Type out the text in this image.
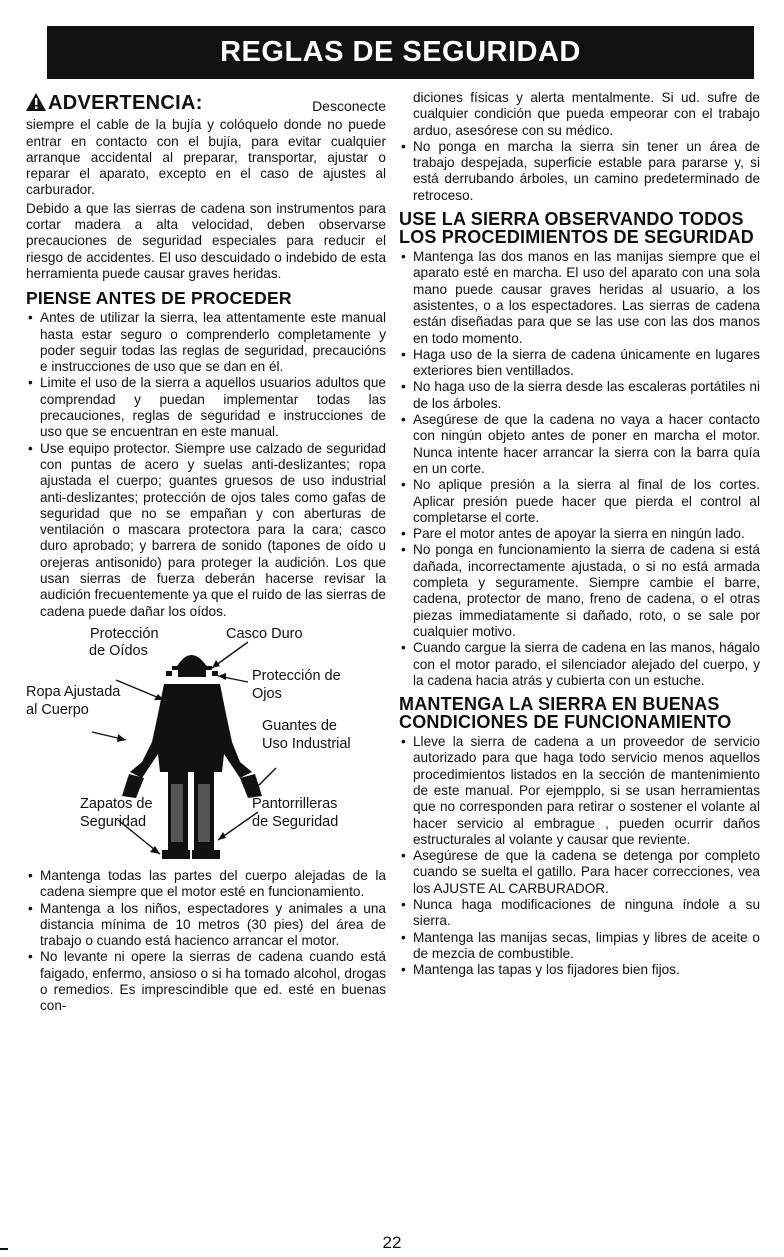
REGLAS DE SEGURIDAD

ADVERTENCIA:	Desconecte

siempre el cable de la bujía y colóquelo donde no puede entrar en contacto con el bujía, para evitar cualquier arranque accidental al preparar, transportar, ajustar o reparar el aparato, excepto en el caso de ajustes al carburador.

Debido a que las sierras de cadena son instrumentos para cortar madera a alta velocidad, deben observarse precauciones de seguridad especiales para reducir el riesgo de accidentes. El uso descuidado o indebido de esta herramienta puede causar graves heridas.

PIENSE ANTES DE PROCEDER
• Antes de utilizar la sierra, lea attentamente este manual hasta estar seguro o comprenderlo completamente y poder seguir todas las reglas de seguridad, precaucións e instrucciones de uso que se dan en él.
• Limite el uso de la sierra a aquellos usuarios adultos que comprendad y puedan implementar todas las precauciones, reglas de seguridad e instrucciones de uso que se encuentran en este manual.
• Use equipo protector. Siempre use calzado de seguridad con puntas de acero y suelas anti-deslizantes; ropa ajustada el cuerpo; guantes gruesos de uso industrial anti-deslizantes; protección de ojos tales como gafas de seguridad que no se empañan y con aberturas de ventilación o mascara protectora para la cara; casco duro aprobado; y barrera de sonido (tapones de oído u orejeras antisonido) para proteger la audición. Los que usan sierras de fuerza deberán hacerse revisar la audición frecuentemente ya que el ruido de las sierras de cadena puede dañar los oídos.
Protección
de Oídos
Casco Duro
Protección de
Ojos
Ropa Ajustada
al Cuerpo
Guantes de
Uso Industrial
Zapatos de
Seguridad
Pantorrilleras
de Seguridad
• Mantenga todas las partes del cuerpo alejadas de la cadena siempre que el motor esté en funcionamiento.
• Mantenga a los niños, espectadores y animales a una distancia mínima de 10 metros (30 pies) del área de trabajo o cuando está hacienco arrancar el motor.
• No levante ni opere la sierras de cadena cuando está faigado, enfermo, ansioso o si ha tomado alcohol, drogas o remedios. Es imprescindible que ed. esté en buenas con-

diciones físicas y alerta mentalmente. Si ud. sufre de cualquier condición que pueda empeorar con el trabajo arduo, asesórese con su médico.

• No ponga en marcha la sierra sin tener un área de trabajo despejada, superficie estable para pararse y, si está derrubando árboles, un camino predeterminado de retroceso.
USE LA SIERRA OBSERVANDO TODOS LOS PROCEDIMIENTOS DE SEGURIDAD
• Mantenga las dos manos en las manijas siempre que el aparato esté en marcha. El uso del aparato con una sola mano puede causar graves heridas al usuario, a los asistentes, o a los espectadores. Las sierras de cadena están diseñadas para que se las use con las dos manos en todo momento.
• Haga uso de la sierra de cadena únicamente en lugares exteriores bien ventillados.
• No haga uso de la sierra desde las escaleras portátiles ni de los árboles.
• Asegúrese de que la cadena no vaya a hacer contacto con ningún objeto antes de poner en marcha el motor. Nunca intente hacer arrancar la sierra con la barra quía en un corte.
• No aplique presión a la sierra al final de los cortes. Aplicar presión puede hacer que pierda el control al completarse el corte.
• Pare el motor antes de apoyar la sierra en ningún lado.
• No ponga en funcionamiento la sierra de cadena si está dañada, incorrectamente ajustada, o si no está armada completa y seguramente. Siempre cambie el barre, cadena, protector de mano, freno de cadena, o el otras piezas immediatamente si dañado, roto, o se sale por cualquier motivo.
• Cuando cargue la sierra de cadena en las manos, hágalo con el motor parado, el silenciador alejado del cuerpo, y la cadena hacia atrás y cubierta con un estuche.
MANTENGA LA SIERRA EN BUENAS CONDICIONES DE FUNCIONAMIENTO
• Lleve la sierra de cadena a un proveedor de servicio autorizado para que haga todo servicio menos aquellos procedimientos listados en la sección de mantenimiento de este manual. Por ejempplo, si se usan herramientas que no corresponden para retirar o sostener el volante al hacer servicio al embrague , pueden ocurrir daños estructurales al volante y causar que reviente.
• Asegúrese de que la cadena se detenga por completo cuando se suelta el gatillo. Para hacer correcciones, vea los AJUSTE AL CARBURADOR.
• Nunca haga modificaciones de ninguna índole a su sierra.
• Mantenga las manijas secas, limpias y libres de aceite o de mezcia de combustible.
• Mantenga las tapas y los fijadores bien fijos.
22
